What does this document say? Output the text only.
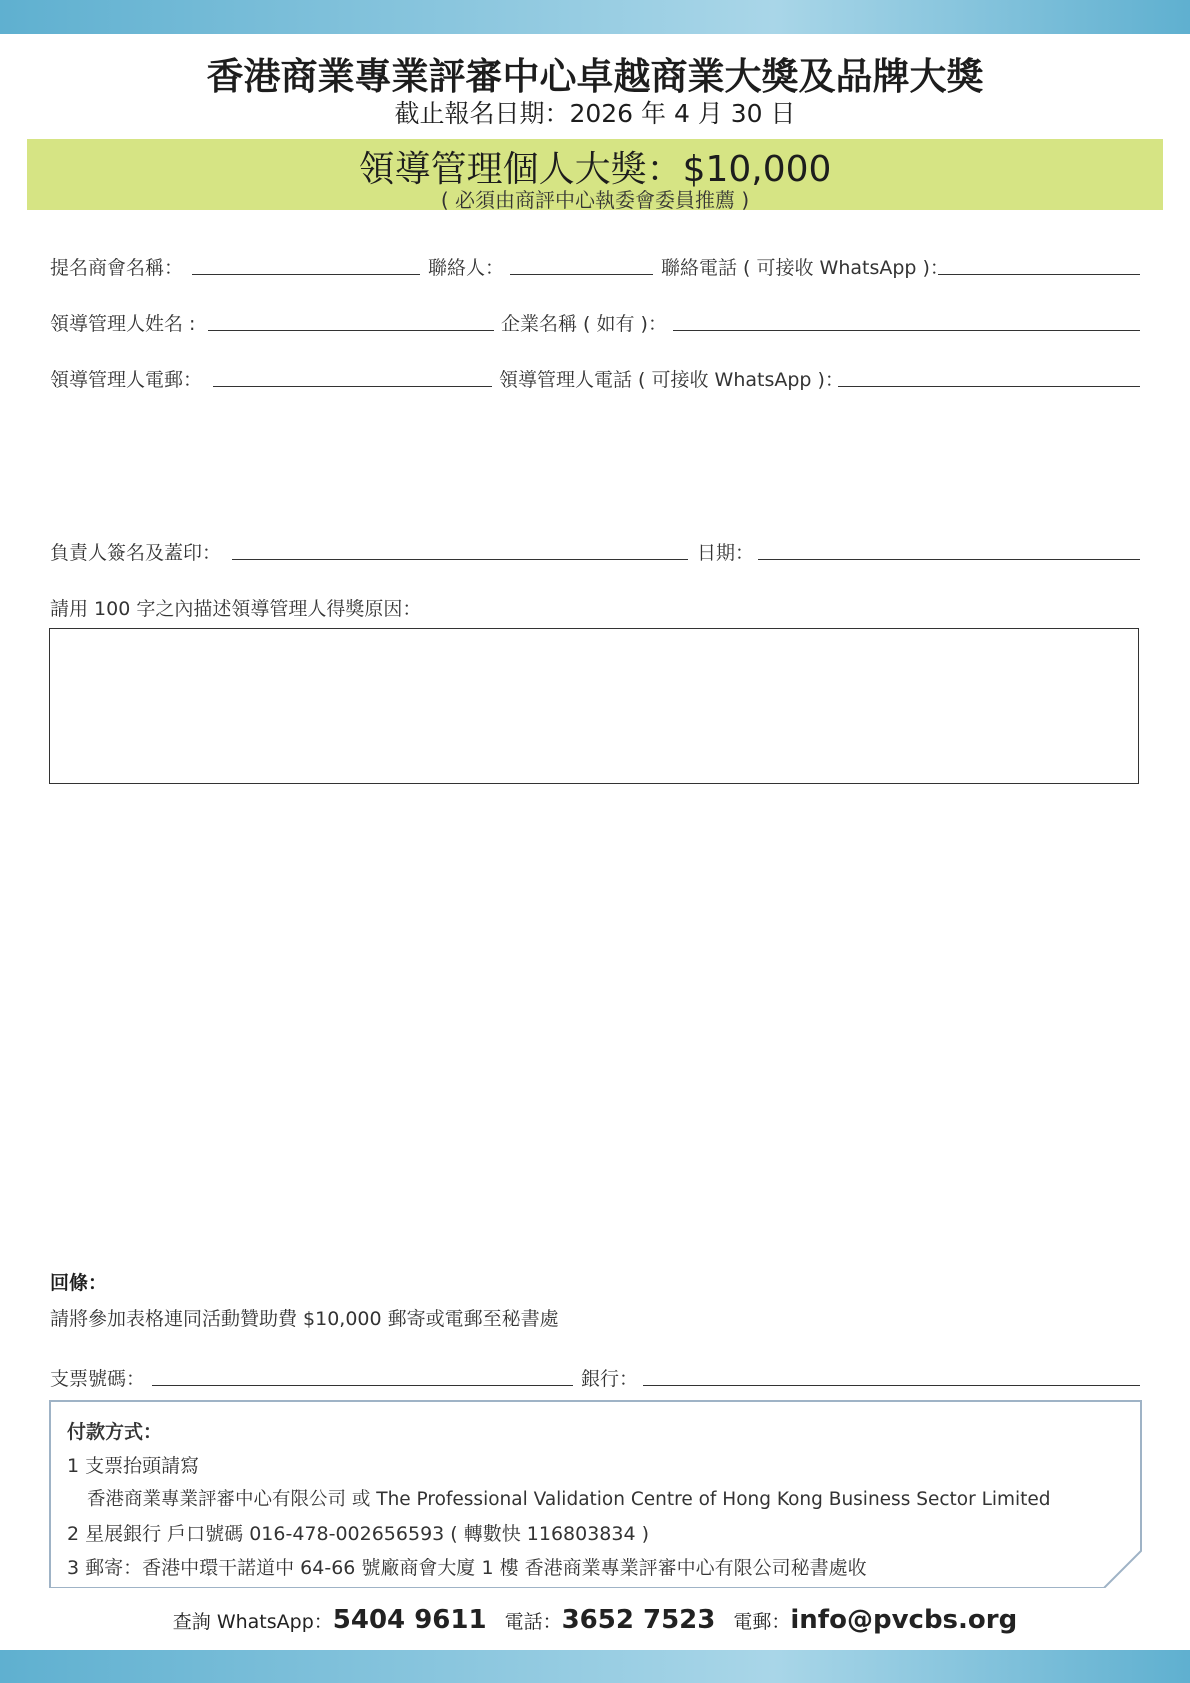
香港商業專業評審中心卓越商業大獎及品牌大獎
截止報名日期：2026 年 4 月 30 日
領導管理個人大獎：$10,000
( 必須由商評中心執委會委員推薦 )
提名商會名稱：	聯絡人：	聯絡電話 ( 可接收 WhatsApp )：
領導管理人姓名 :	企業名稱 ( 如有 )：
領導管理人電郵：	領導管理人電話 ( 可接收 WhatsApp )：
負責人簽名及蓋印：	日期：
請用 100 字之內描述領導管理人得獎原因：
回條：
請將參加表格連同活動贊助費 $10,000 郵寄或電郵至秘書處
支票號碼：	銀行：
付款方式：
1 支票抬頭請寫
香港商業專業評審中心有限公司 或 The Professional Validation Centre of Hong Kong Business Sector Limited
2 星展銀行 戶口號碼 016-478-002656593 ( 轉數快 116803834 )
3 郵寄：香港中環干諾道中 64-66 號廠商會大廈 1 樓 香港商業專業評審中心有限公司秘書處收
查詢 WhatsApp：5404 9611 電話：3652 7523 電郵：info@pvcbs.org
